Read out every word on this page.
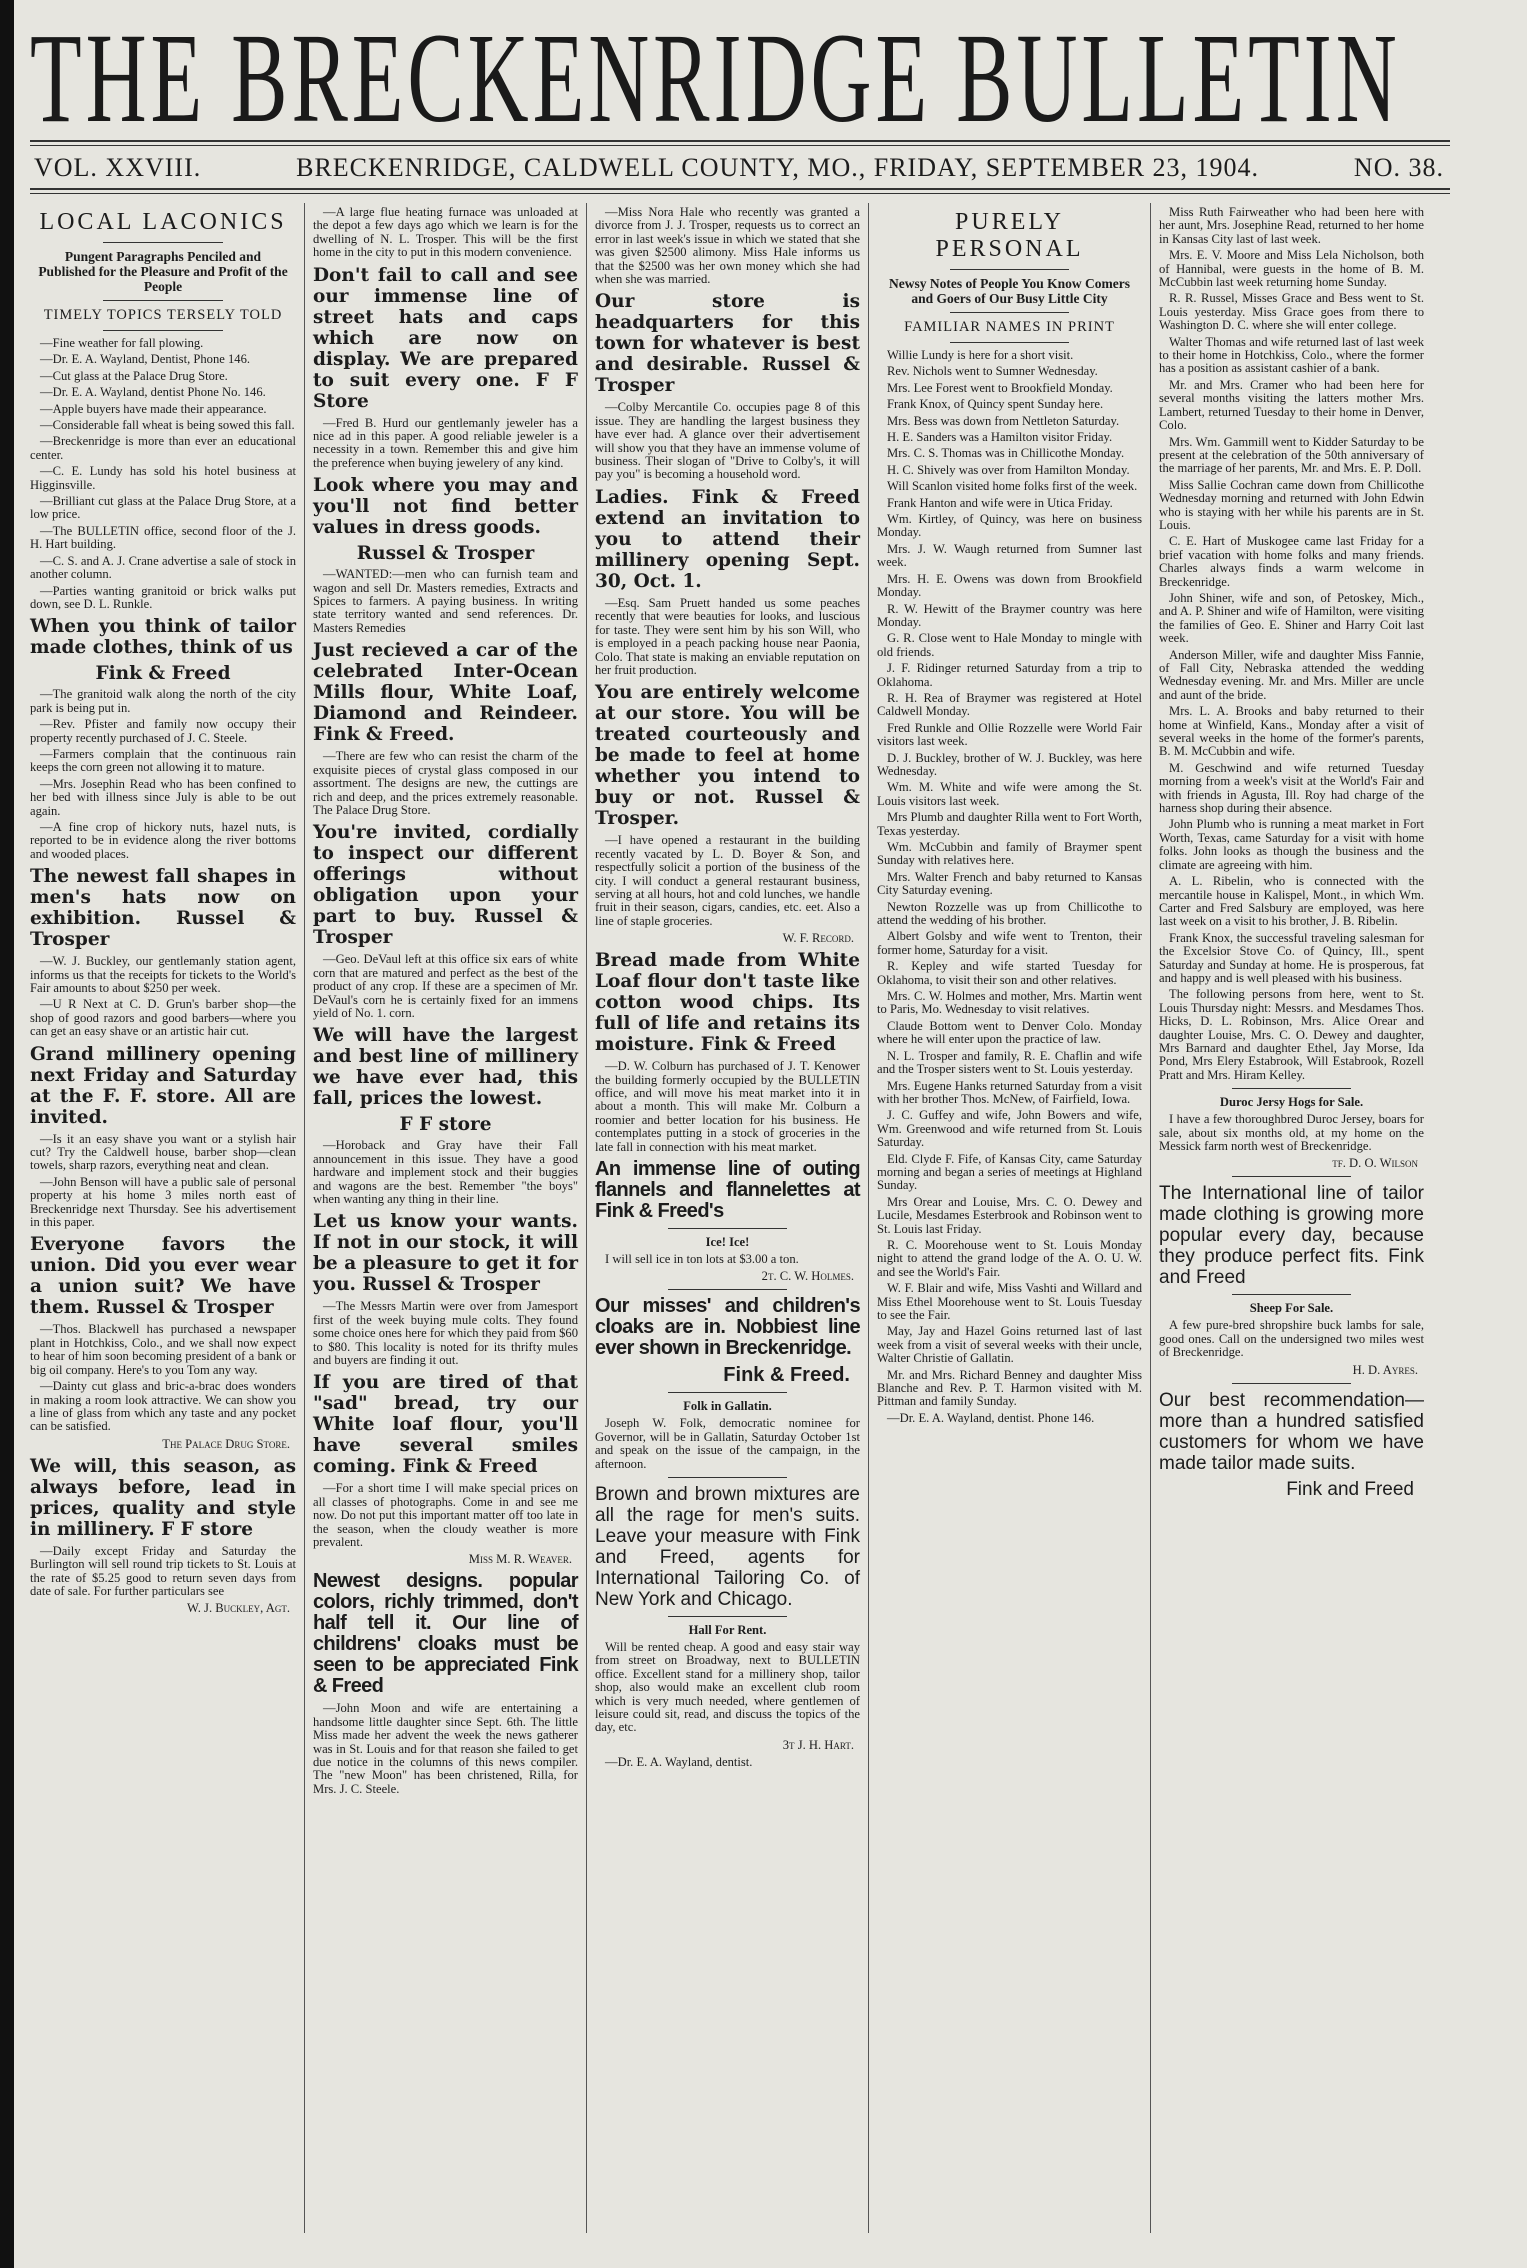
THE BRECKENRIDGE BULLETIN
VOL. XXVIII.	BRECKENRIDGE, CALDWELL COUNTY, MO., FRIDAY, SEPTEMBER 23, 1904.	NO. 38.
LOCAL LACONICS
Pungent Paragraphs Penciled and Published for the Pleasure and Profit of the People
TIMELY TOPICS TERSELY TOLD
—Fine weather for fall plowing.
—Dr. E. A. Wayland, Dentist, Phone 146.
—Cut glass at the Palace Drug Store.
—Dr. E. A. Wayland, dentist Phone No. 146.
—Apple buyers have made their appearance.
—Considerable fall wheat is being sowed this fall.
—Breckenridge is more than ever an educational center.
—C. E. Lundy has sold his hotel business at Higginsville.
—Brilliant cut glass at the Palace Drug Store, at a low price.
—The BULLETIN office, second floor of the J. H. Hart building.
—C. S. and A. J. Crane advertise a sale of stock in another column.
—Parties wanting granitoid or brick walks put down, see D. L. Runkle.
When you think of tailor made clothes, think of us
Fink & Freed
—The granitoid walk along the north of the city park is being put in.
—Rev. Pfister and family now occupy their property recently purchased of J. C. Steele.
—Farmers complain that the continuous rain keeps the corn green not allowing it to mature.
—Mrs. Josephin Read who has been confined to her bed with illness since July is able to be out again.
—A fine crop of hickory nuts, hazel nuts, is reported to be in evidence along the river bottoms and wooded places.
The newest fall shapes in men's hats now on exhibition. Russel & Trosper
—W. J. Buckley, our gentlemanly station agent, informs us that the receipts for tickets to the World's Fair amounts to about $250 per week.
—U R Next at C. D. Grun's barber shop—the shop of good razors and good barbers—where you can get an easy shave or an artistic hair cut.
Grand millinery opening next Friday and Saturday at the F. F. store. All are invited.
—Is it an easy shave you want or a stylish hair cut? Try the Caldwell house, barber shop—clean towels, sharp razors, everything neat and clean.
—John Benson will have a public sale of personal property at his home 3 miles north east of Breckenridge next Thursday. See his advertisement in this paper.
Everyone favors the union. Did you ever wear a union suit? We have them. Russel & Trosper
—Thos. Blackwell has purchased a newspaper plant in Hotchkiss, Colo., and we shall now expect to hear of him soon becoming president of a bank or big oil company. Here's to you Tom any way.
—Dainty cut glass and bric-a-brac does wonders in making a room look attractive. We can show you a line of glass from which any taste and any pocket can be satisfied.
The Palace Drug Store.
We will, this season, as always before, lead in prices, quality and style in millinery. F F store
—Daily except Friday and Saturday the Burlington will sell round trip tickets to St. Louis at the rate of $5.25 good to return seven days from date of sale. For further particulars see
W. J. Buckley, Agt.
—A large flue heating furnace was unloaded at the depot a few days ago which we learn is for the dwelling of N. L. Trosper. This will be the first home in the city to put in this modern convenience.
Don't fail to call and see our immense line of street hats and caps which are now on display. We are prepared to suit every one. F F Store
—Fred B. Hurd our gentlemanly jeweler has a nice ad in this paper. A good reliable jeweler is a necessity in a town. Remember this and give him the preference when buying jewelery of any kind.
Look where you may and you'll not find better values in dress goods.
Russel & Trosper
—WANTED:—men who can furnish team and wagon and sell Dr. Masters remedies, Extracts and Spices to farmers. A paying business. In writing state territory wanted and send references. Dr. Masters Remedies
Just recieved a car of the celebrated Inter-Ocean Mills flour, White Loaf, Diamond and Reindeer. Fink & Freed.
—There are few who can resist the charm of the exquisite pieces of crystal glass composed in our assortment. The designs are new, the cuttings are rich and deep, and the prices extremely reasonable. The Palace Drug Store.
You're invited, cordially to inspect our different offerings without obligation upon your part to buy. Russel & Trosper
—Geo. DeVaul left at this office six ears of white corn that are matured and perfect as the best of the product of any crop. If these are a specimen of Mr. DeVaul's corn he is certainly fixed for an immens yield of No. 1. corn.
We will have the largest and best line of millinery we have ever had, this fall, prices the lowest.
F F store
—Horoback and Gray have their Fall announcement in this issue. They have a good hardware and implement stock and their buggies and wagons are the best. Remember "the boys" when wanting any thing in their line.
Let us know your wants. If not in our stock, it will be a pleasure to get it for you. Russel & Trosper
—The Messrs Martin were over from Jamesport first of the week buying mule colts. They found some choice ones here for which they paid from $60 to $80. This locality is noted for its thrifty mules and buyers are finding it out.
If you are tired of that "sad" bread, try our White loaf flour, you'll have several smiles coming. Fink & Freed
—For a short time I will make special prices on all classes of photographs. Come in and see me now. Do not put this important matter off too late in the season, when the cloudy weather is more prevalent.
Miss M. R. Weaver.
Newest designs. popular colors, richly trimmed, don't half tell it. Our line of childrens' cloaks must be seen to be appreciated Fink & Freed
—John Moon and wife are entertaining a handsome little daughter since Sept. 6th. The little Miss made her advent the week the news gatherer was in St. Louis and for that reason she failed to get due notice in the columns of this news compiler. The "new Moon" has been christened, Rilla, for Mrs. J. C. Steele.
—Miss Nora Hale who recently was granted a divorce from J. J. Trosper, requests us to correct an error in last week's issue in which we stated that she was given $2500 alimony. Miss Hale informs us that the $2500 was her own money which she had when she was married.
Our store is headquarters for this town for whatever is best and desirable. Russel & Trosper
—Colby Mercantile Co. occupies page 8 of this issue. They are handling the largest business they have ever had. A glance over their advertisement will show you that they have an immense volume of business. Their slogan of "Drive to Colby's, it will pay you" is becoming a household word.
Ladies. Fink & Freed extend an invitation to you to attend their millinery opening Sept. 30, Oct. 1.
—Esq. Sam Pruett handed us some peaches recently that were beauties for looks, and luscious for taste. They were sent him by his son Will, who is employed in a peach packing house near Paonia, Colo. That state is making an enviable reputation on her fruit production.
You are entirely welcome at our store. You will be treated courteously and be made to feel at home whether you intend to buy or not. Russel & Trosper.
—I have opened a restaurant in the building recently vacated by L. D. Boyer & Son, and respectfully solicit a portion of the business of the city. I will conduct a general restaurant business, serving at all hours, hot and cold lunches, we handle fruit in their season, cigars, candies, etc. eet. Also a line of staple groceries.
W. F. Record.
Bread made from White Loaf flour don't taste like cotton wood chips. Its full of life and retains its moisture. Fink & Freed
—D. W. Colburn has purchased of J. T. Kenower the building formerly occupied by the BULLETIN office, and will move his meat market into it in about a month. This will make Mr. Colburn a roomier and better location for his business. He contemplates putting in a stock of groceries in the late fall in connection with his meat market.
An immense line of outing flannels and flannelettes at Fink & Freed's
Ice! Ice!
I will sell ice in ton lots at $3.00 a ton.
2t. C. W. Holmes.
Our misses' and children's cloaks are in. Nobbiest line ever shown in Breckenridge.
Fink & Freed.
Folk in Gallatin.
Joseph W. Folk, democratic nominee for Governor, will be in Gallatin, Saturday October 1st and speak on the issue of the campaign, in the afternoon.
Brown and brown mixtures are all the rage for men's suits. Leave your measure with Fink and Freed, agents for International Tailoring Co. of New York and Chicago.
Hall For Rent.
Will be rented cheap. A good and easy stair way from street on Broadway, next to BULLETIN office. Excellent stand for a millinery shop, tailor shop, also would make an excellent club room which is very much needed, where gentlemen of leisure could sit, read, and discuss the topics of the day, etc.
3t J. H. Hart.
—Dr. E. A. Wayland, dentist.
PURELY PERSONAL
Newsy Notes of People You Know Comers and Goers of Our Busy Little City
FAMILIAR NAMES IN PRINT
Willie Lundy is here for a short visit.
Rev. Nichols went to Sumner Wednesday.
Mrs. Lee Forest went to Brookfield Monday.
Frank Knox, of Quincy spent Sunday here.
Mrs. Bess was down from Nettleton Saturday.
H. E. Sanders was a Hamilton visitor Friday.
Mrs. C. S. Thomas was in Chillicothe Monday.
H. C. Shively was over from Hamilton Monday.
Will Scanlon visited home folks first of the week.
Frank Hanton and wife were in Utica Friday.
Wm. Kirtley, of Quincy, was here on business Monday.
Mrs. J. W. Waugh returned from Sumner last week.
Mrs. H. E. Owens was down from Brookfield Monday.
R. W. Hewitt of the Braymer country was here Monday.
G. R. Close went to Hale Monday to mingle with old friends.
J. F. Ridinger returned Saturday from a trip to Oklahoma.
R. H. Rea of Braymer was registered at Hotel Caldwell Monday.
Fred Runkle and Ollie Rozzelle were World Fair visitors last week.
D. J. Buckley, brother of W. J. Buckley, was here Wednesday.
Wm. M. White and wife were among the St. Louis visitors last week.
Mrs Plumb and daughter Rilla went to Fort Worth, Texas yesterday.
Wm. McCubbin and family of Braymer spent Sunday with relatives here.
Mrs. Walter French and baby returned to Kansas City Saturday evening.
Newton Rozzelle was up from Chillicothe to attend the wedding of his brother.
Albert Golsby and wife went to Trenton, their former home, Saturday for a visit.
R. Kepley and wife started Tuesday for Oklahoma, to visit their son and other relatives.
Mrs. C. W. Holmes and mother, Mrs. Martin went to Paris, Mo. Wednesday to visit relatives.
Claude Bottom went to Denver Colo. Monday where he will enter upon the practice of law.
N. L. Trosper and family, R. E. Chaflin and wife and the Trosper sisters went to St. Louis yesterday.
Mrs. Eugene Hanks returned Saturday from a visit with her brother Thos. McNew, of Fairfield, Iowa.
J. C. Guffey and wife, John Bowers and wife, Wm. Greenwood and wife returned from St. Louis Saturday.
Eld. Clyde F. Fife, of Kansas City, came Saturday morning and began a series of meetings at Highland Sunday.
Mrs Orear and Louise, Mrs. C. O. Dewey and Lucile, Mesdames Esterbrook and Robinson went to St. Louis last Friday.
R. C. Moorehouse went to St. Louis Monday night to attend the grand lodge of the A. O. U. W. and see the World's Fair.
W. F. Blair and wife, Miss Vashti and Willard and Miss Ethel Moorehouse went to St. Louis Tuesday to see the Fair.
May, Jay and Hazel Goins returned last of last week from a visit of several weeks with their uncle, Walter Christie of Gallatin.
Mr. and Mrs. Richard Benney and daughter Miss Blanche and Rev. P. T. Harmon visited with M. Pittman and family Sunday.
—Dr. E. A. Wayland, dentist. Phone 146.
Miss Ruth Fairweather who had been here with her aunt, Mrs. Josephine Read, returned to her home in Kansas City last of last week.
Mrs. E. V. Moore and Miss Lela Nicholson, both of Hannibal, were guests in the home of B. M. McCubbin last week returning home Sunday.
R. R. Russel, Misses Grace and Bess went to St. Louis yesterday. Miss Grace goes from there to Washington D. C. where she will enter college.
Walter Thomas and wife returned last of last week to their home in Hotchkiss, Colo., where the former has a position as assistant cashier of a bank.
Mr. and Mrs. Cramer who had been here for several months visiting the latters mother Mrs. Lambert, returned Tuesday to their home in Denver, Colo.
Mrs. Wm. Gammill went to Kidder Saturday to be present at the celebration of the 50th anniversary of the marriage of her parents, Mr. and Mrs. E. P. Doll.
Miss Sallie Cochran came down from Chillicothe Wednesday morning and returned with John Edwin who is staying with her while his parents are in St. Louis.
C. E. Hart of Muskogee came last Friday for a brief vacation with home folks and many friends. Charles always finds a warm welcome in Breckenridge.
John Shiner, wife and son, of Petoskey, Mich., and A. P. Shiner and wife of Hamilton, were visiting the families of Geo. E. Shiner and Harry Coit last week.
Anderson Miller, wife and daughter Miss Fannie, of Fall City, Nebraska attended the wedding Wednesday evening. Mr. and Mrs. Miller are uncle and aunt of the bride.
Mrs. L. A. Brooks and baby returned to their home at Winfield, Kans., Monday after a visit of several weeks in the home of the former's parents, B. M. McCubbin and wife.
M. Geschwind and wife returned Tuesday morning from a week's visit at the World's Fair and with friends in Agusta, Ill. Roy had charge of the harness shop during their absence.
John Plumb who is running a meat market in Fort Worth, Texas, came Saturday for a visit with home folks. John looks as though the business and the climate are agreeing with him.
A. L. Ribelin, who is connected with the mercantile house in Kalispel, Mont., in which Wm. Carter and Fred Salsbury are employed, was here last week on a visit to his brother, J. B. Ribelin.
Frank Knox, the successful traveling salesman for the Excelsior Stove Co. of Quincy, Ill., spent Saturday and Sunday at home. He is prosperous, fat and happy and is well pleased with his business.
The following persons from here, went to St. Louis Thursday night: Messrs. and Mesdames Thos. Hicks, D. L. Robinson, Mrs. Alice Orear and daughter Louise, Mrs. C. O. Dewey and daughter, Mrs Barnard and daughter Ethel, Jay Morse, Ida Pond, Mrs Elery Estabrook, Will Estabrook, Rozell Pratt and Mrs. Hiram Kelley.
Duroc Jersy Hogs for Sale.
I have a few thoroughbred Duroc Jersey, boars for sale, about six months old, at my home on the Messick farm north west of Breckenridge.
tf. D. O. Wilson
The International line of tailor made clothing is growing more popular every day, because they produce perfect fits. Fink and Freed
Sheep For Sale.
A few pure-bred shropshire buck lambs for sale, good ones. Call on the undersigned two miles west of Breckenridge.
H. D. Ayres.
Our best recommendation—more than a hundred satisfied customers for whom we have made tailor made suits.
Fink and Freed
